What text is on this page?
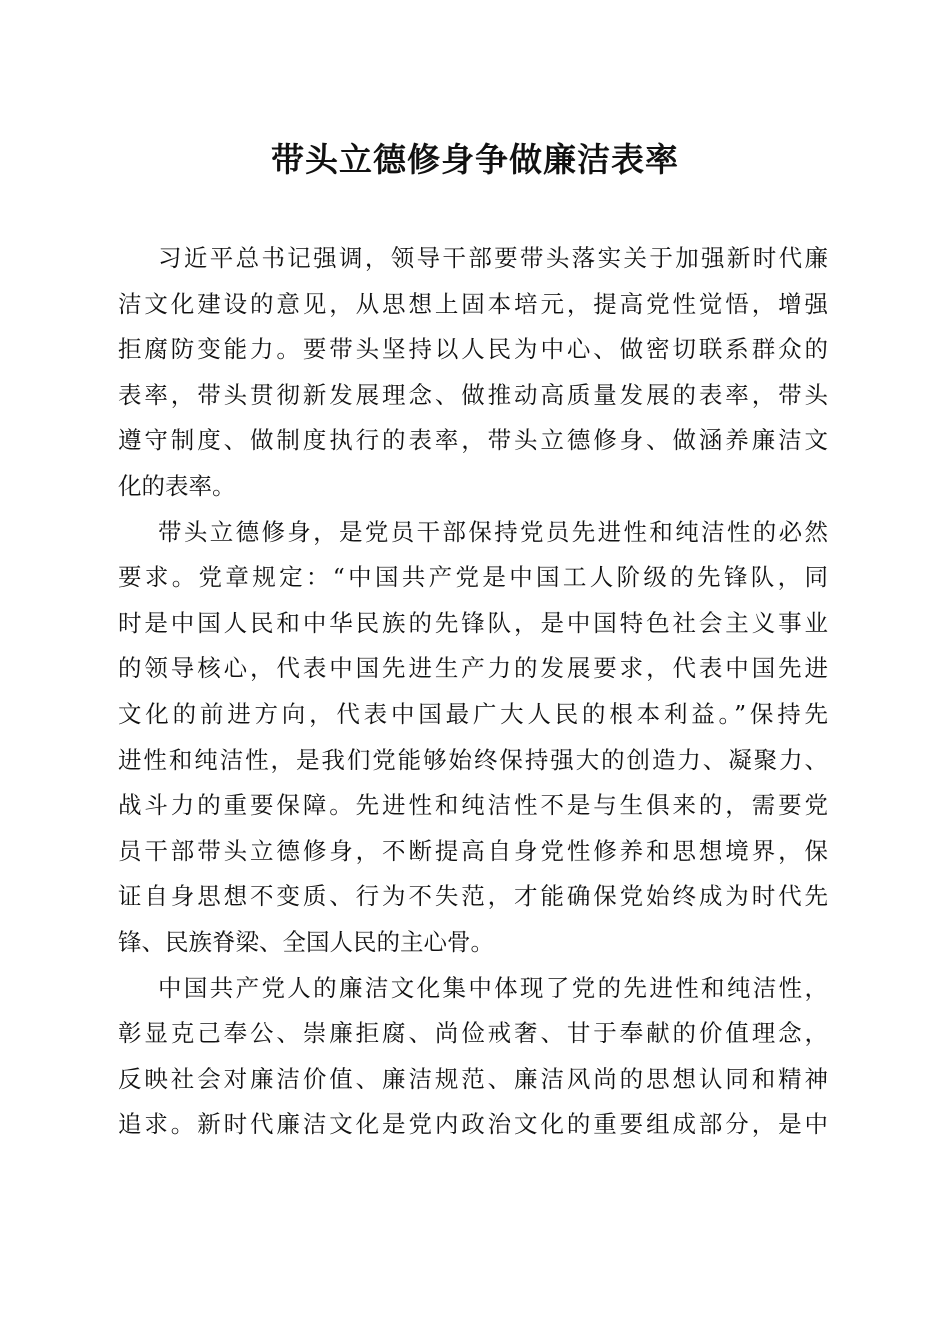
带头立德修身争做廉洁表率
习近平总书记强调，领导干部要带头落实关于加强新时代廉
洁文化建设的意见，从思想上固本培元，提高党性觉悟，增强
拒腐防变能力。要带头坚持以人民为中心、做密切联系群众的
表率，带头贯彻新发展理念、做推动高质量发展的表率，带头
遵守制度、做制度执行的表率，带头立德修身、做涵养廉洁文
化的表率。
带头立德修身，是党员干部保持党员先进性和纯洁性的必然
要求。党章规定：“中国共产党是中国工人阶级的先锋队，同
时是中国人民和中华民族的先锋队，是中国特色社会主义事业
的领导核心，代表中国先进生产力的发展要求，代表中国先进
文化的前进方向，代表中国最广大人民的根本利益。”保持先
进性和纯洁性，是我们党能够始终保持强大的创造力、凝聚力、
战斗力的重要保障。先进性和纯洁性不是与生俱来的，需要党
员干部带头立德修身，不断提高自身党性修养和思想境界，保
证自身思想不变质、行为不失范，才能确保党始终成为时代先
锋、民族脊梁、全国人民的主心骨。
中国共产党人的廉洁文化集中体现了党的先进性和纯洁性，
彰显克己奉公、崇廉拒腐、尚俭戒奢、甘于奉献的价值理念，
反映社会对廉洁价值、廉洁规范、廉洁风尚的思想认同和精神
追求。新时代廉洁文化是党内政治文化的重要组成部分，是中
